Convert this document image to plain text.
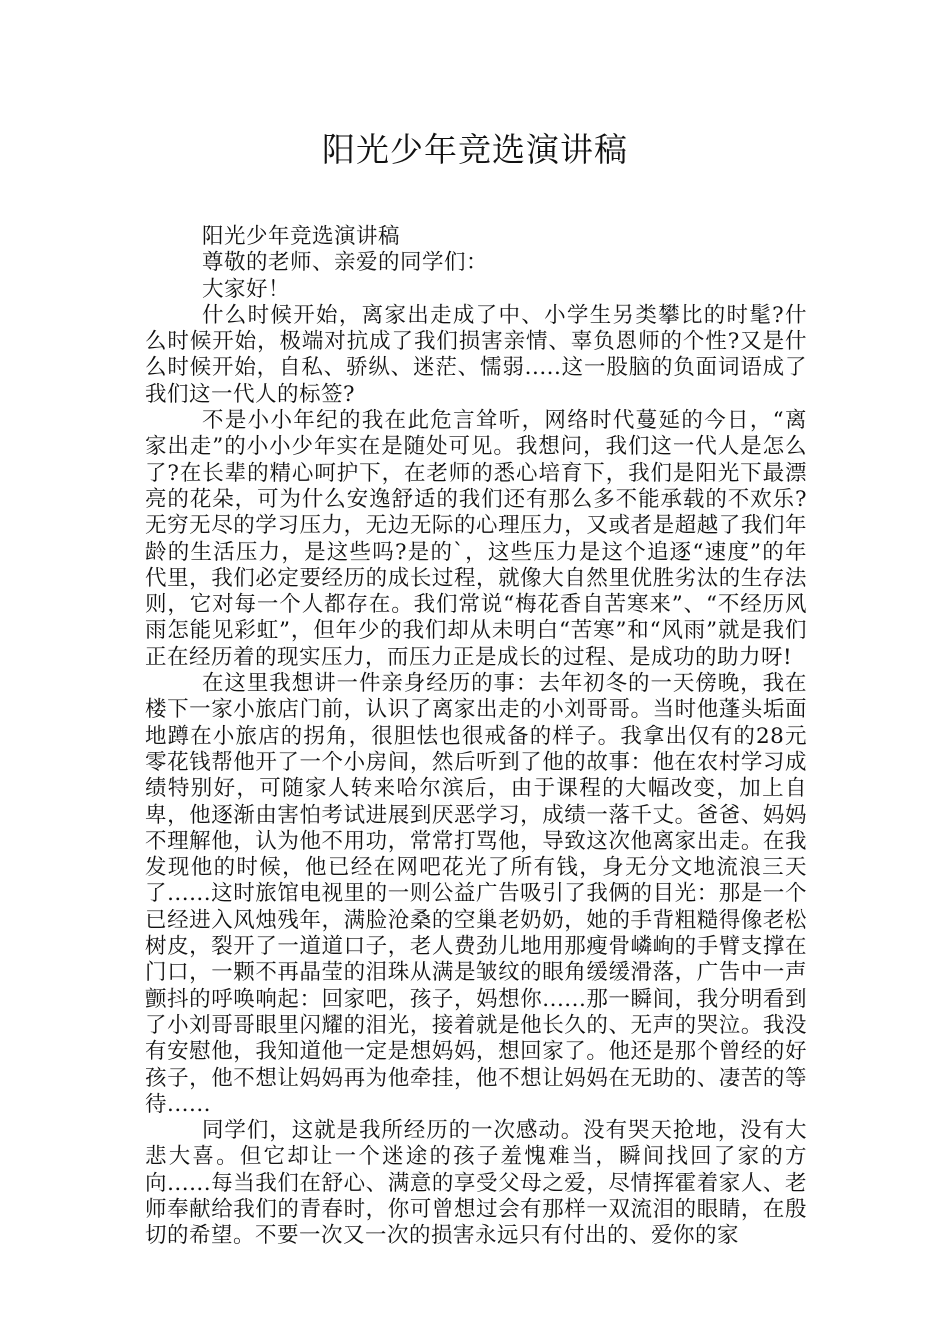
阳光少年竞选演讲稿

阳光少年竞选演讲稿

尊敬的老师、亲爱的同学们：

大家好！

什么时候开始，离家出走成了中、小学生另类攀比的时髦?什么时候开始，极端对抗成了我们损害亲情、辜负恩师的个性?又是什么时候开始，自私、骄纵、迷茫、懦弱.....这一股脑的负面词语成了我们这一代人的标签?

不是小小年纪的我在此危言耸听，网络时代蔓延的今日，“离家出走”的小小少年实在是随处可见。我想问，我们这一代人是怎么了?在长辈的精心呵护下，在老师的悉心培育下，我们是阳光下最漂亮的花朵，可为什么安逸舒适的我们还有那么多不能承载的不欢乐?无穷无尽的学习压力，无边无际的心理压力，又或者是超越了我们年龄的生活压力，是这些吗?是的`，这些压力是这个追逐“速度”的年代里，我们必定要经历的成长过程，就像大自然里优胜劣汰的生存法则，它对每一个人都存在。我们常说“梅花香自苦寒来”、“不经历风雨怎能见彩虹”，但年少的我们却从未明白“苦寒”和“风雨”就是我们正在经历着的现实压力，而压力正是成长的过程、是成功的助力呀!

在这里我想讲一件亲身经历的事：去年初冬的一天傍晚，我在楼下一家小旅店门前，认识了离家出走的小刘哥哥。当时他蓬头垢面地蹲在小旅店的拐角，很胆怯也很戒备的样子。我拿出仅有的28元零花钱帮他开了一个小房间，然后听到了他的故事：他在农村学习成绩特别好，可随家人转来哈尔滨后，由于课程的大幅改变，加上自卑，他逐渐由害怕考试进展到厌恶学习，成绩一落千丈。爸爸、妈妈不理解他，认为他不用功，常常打骂他，导致这次他离家出走。在我发现他的时候，他已经在网吧花光了所有钱，身无分文地流浪三天了......这时旅馆电视里的一则公益广告吸引了我俩的目光：那是一个已经进入风烛残年，满脸沧桑的空巢老奶奶，她的手背粗糙得像老松树皮，裂开了一道道口子，老人费劲儿地用那瘦骨嶙峋的手臂支撑在门口，一颗不再晶莹的泪珠从满是皱纹的眼角缓缓滑落，广告中一声颤抖的呼唤响起：回家吧，孩子，妈想你......那一瞬间，我分明看到了小刘哥哥眼里闪耀的泪光，接着就是他长久的、无声的哭泣。我没有安慰他，我知道他一定是想妈妈，想回家了。他还是那个曾经的好孩子，他不想让妈妈再为他牵挂，他不想让妈妈在无助的、凄苦的等待......

同学们，这就是我所经历的一次感动。没有哭天抢地，没有大悲大喜。但它却让一个迷途的孩子羞愧难当，瞬间找回了家的方向......每当我们在舒心、满意的享受父母之爱，尽情挥霍着家人、老师奉献给我们的青春时，你可曾想过会有那样一双流泪的眼睛，在殷切的希望。不要一次又一次的损害永远只有付出的、爱你的家
